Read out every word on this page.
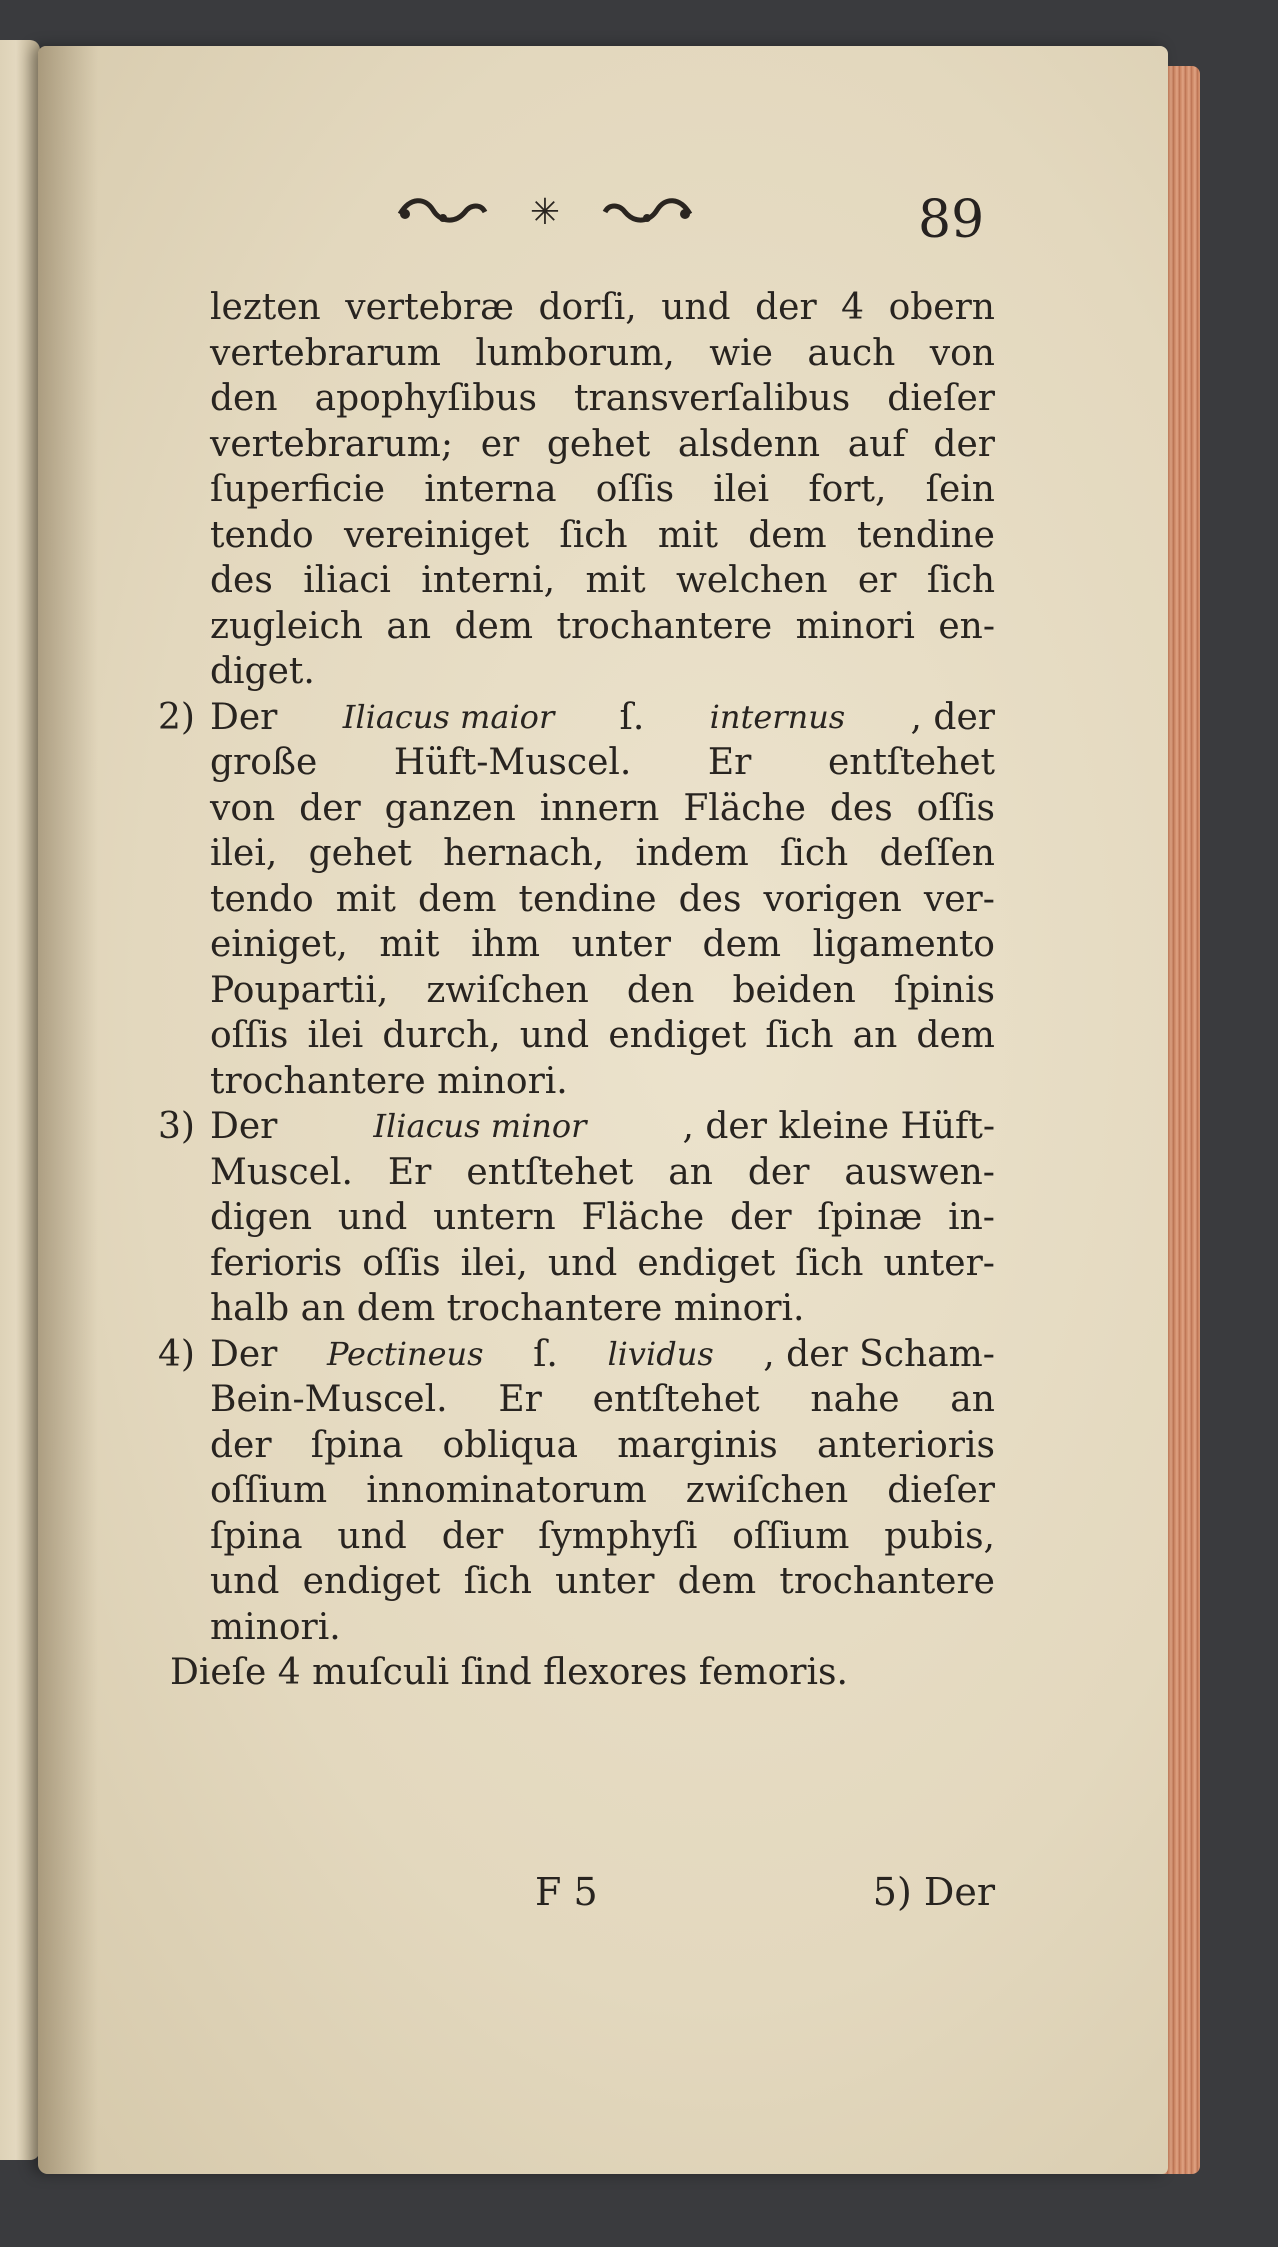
✳	89
lezten vertebræ dorſi, und der 4 obern
vertebrarum lumborum, wie auch von
den apophyſibus transverſalibus dieſer
vertebrarum; er gehet alsdenn auf der
ſuperficie interna oſſis ilei fort, ſein
tendo vereiniget ſich mit dem tendine
des iliaci interni, mit welchen er ſich
zugleich an dem trochantere minori en-
diget.
2) Der Iliacus maior ſ. internus , der
große Hüft-Muscel. Er entſtehet
von der ganzen innern Fläche des oſſis
ilei, gehet hernach, indem ſich deſſen
tendo mit dem tendine des vorigen ver-
einiget, mit ihm unter dem ligamento
Poupartii, zwiſchen den beiden ſpinis
oſſis ilei durch, und endiget ſich an dem
trochantere minori.
3) Der	Iliacus minor	, der kleine Hüft-
Muscel. Er entſtehet an der auswen-
digen und untern Fläche der ſpinæ in-
ferioris oſſis ilei, und endiget ſich unter-
halb an dem trochantere minori.
4) Der Pectineus ſ. lividus , der Scham-
Bein-Muscel. Er entſtehet nahe an
der ſpina obliqua marginis anterioris
oſſium innominatorum zwiſchen dieſer
ſpina und der ſymphyſi oſſium pubis,
und endiget ſich unter dem trochantere
minori.
Dieſe 4 muſculi ſind flexores femoris.
F 5	5) Der
